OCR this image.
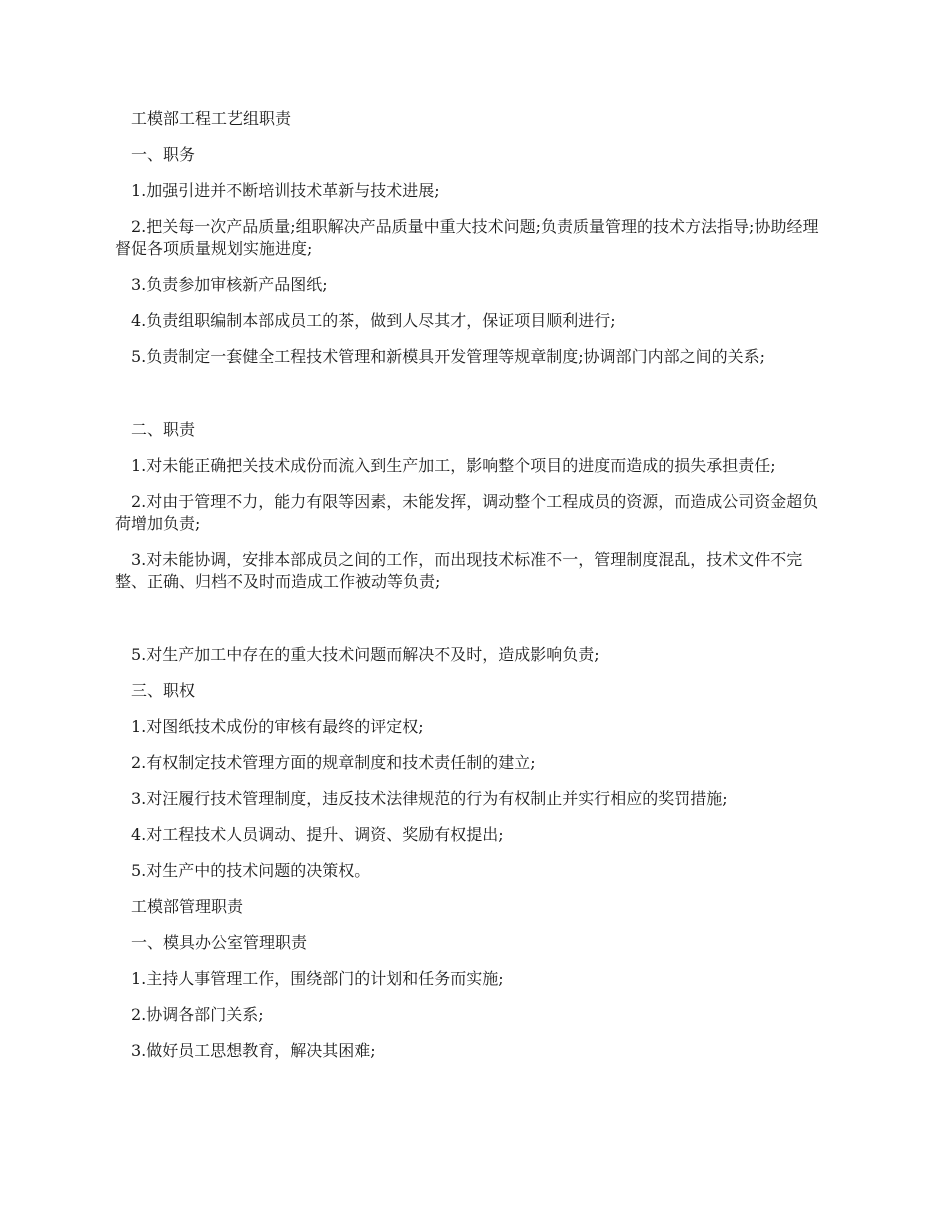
工模部工程工艺组职责

一、职务

1.加强引进并不断培训技术革新与技术进展;

2.把关每一次产品质量;组职解决产品质量中重大技术问题;负责质量管理的技术方法指导;协助经理督促各项质量规划实施进度;

3.负责参加审核新产品图纸;

4.负责组职编制本部成员工的茶，做到人尽其才，保证项目顺利进行;

5.负责制定一套健全工程技术管理和新模具开发管理等规章制度;协调部门内部之间的关系;

二、职责

1.对未能正确把关技术成份而流入到生产加工，影响整个项目的进度而造成的损失承担责任;

2.对由于管理不力，能力有限等因素，未能发挥，调动整个工程成员的资源，而造成公司资金超负荷增加负责;

3.对未能协调，安排本部成员之间的工作，而出现技术标准不一，管理制度混乱，技术文件不完整、正确、归档不及时而造成工作被动等负责;

5.对生产加工中存在的重大技术问题而解决不及时，造成影响负责;

三、职权

1.对图纸技术成份的审核有最终的评定权;

2.有权制定技术管理方面的规章制度和技术责任制的建立;

3.对汪履行技术管理制度，违反技术法律规范的行为有权制止并实行相应的奖罚措施;

4.对工程技术人员调动、提升、调资、奖励有权提出;

5.对生产中的技术问题的决策权。

工模部管理职责

一、模具办公室管理职责

1.主持人事管理工作，围绕部门的计划和任务而实施;

2.协调各部门关系;

3.做好员工思想教育，解决其困难;
